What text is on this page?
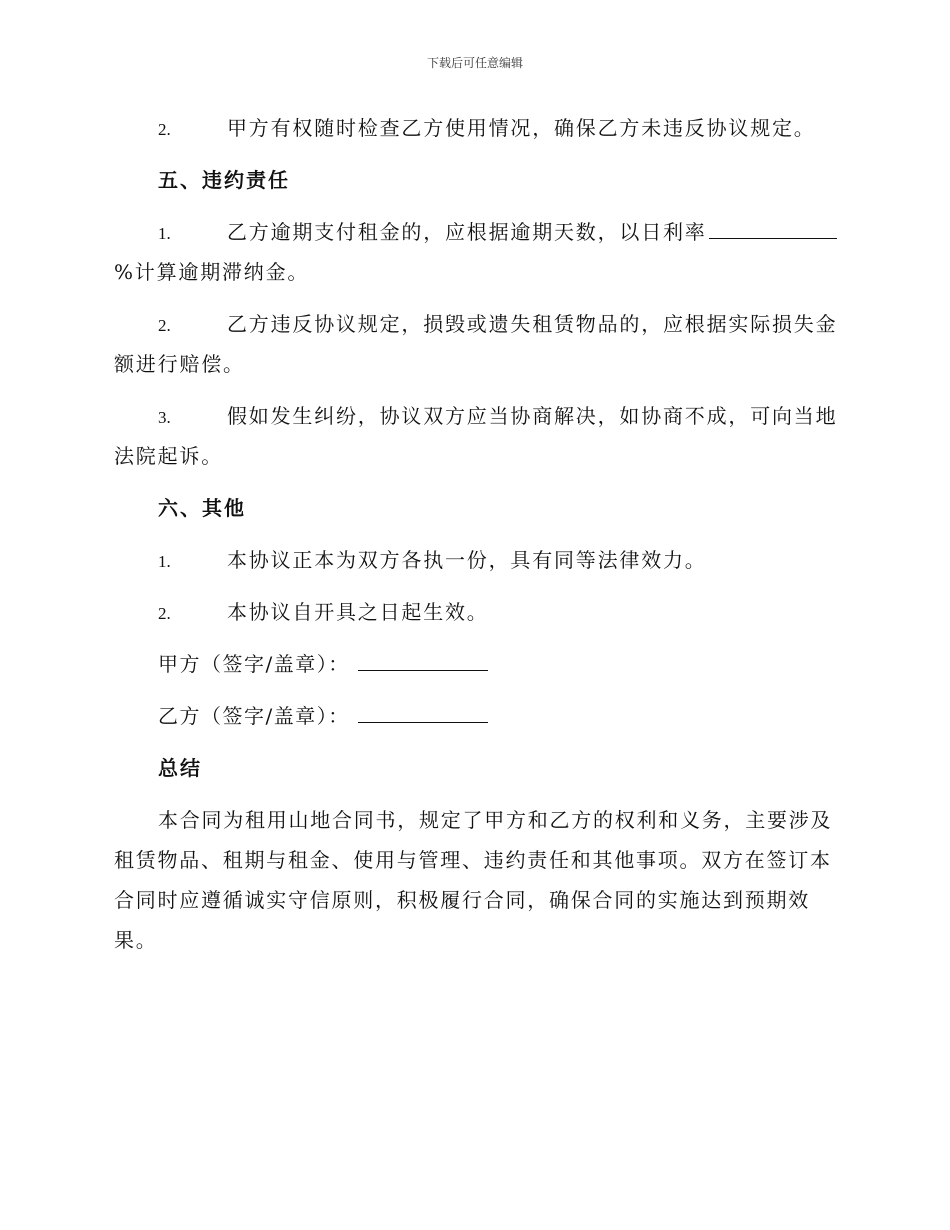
下载后可任意编辑
2.	甲方有权随时检查乙方使用情况，确保乙方未违反协议规定。
五、违约责任
1.	乙方逾期支付租金的，应根据逾期天数，以日利率
%计算逾期滞纳金。
2.	乙方违反协议规定，损毁或遗失租赁物品的，应根据实际损失金
额进行赔偿。
3.	假如发生纠纷，协议双方应当协商解决，如协商不成，可向当地
法院起诉。
六、其他
1.	本协议正本为双方各执一份，具有同等法律效力。
2.	本协议自开具之日起生效。
甲方（签字/盖章）：
乙方（签字/盖章）：
总结
本合同为租用山地合同书，规定了甲方和乙方的权利和义务，主要涉及
租赁物品、租期与租金、使用与管理、违约责任和其他事项。双方在签订本
合同时应遵循诚实守信原则，积极履行合同，确保合同的实施达到预期效
果。
